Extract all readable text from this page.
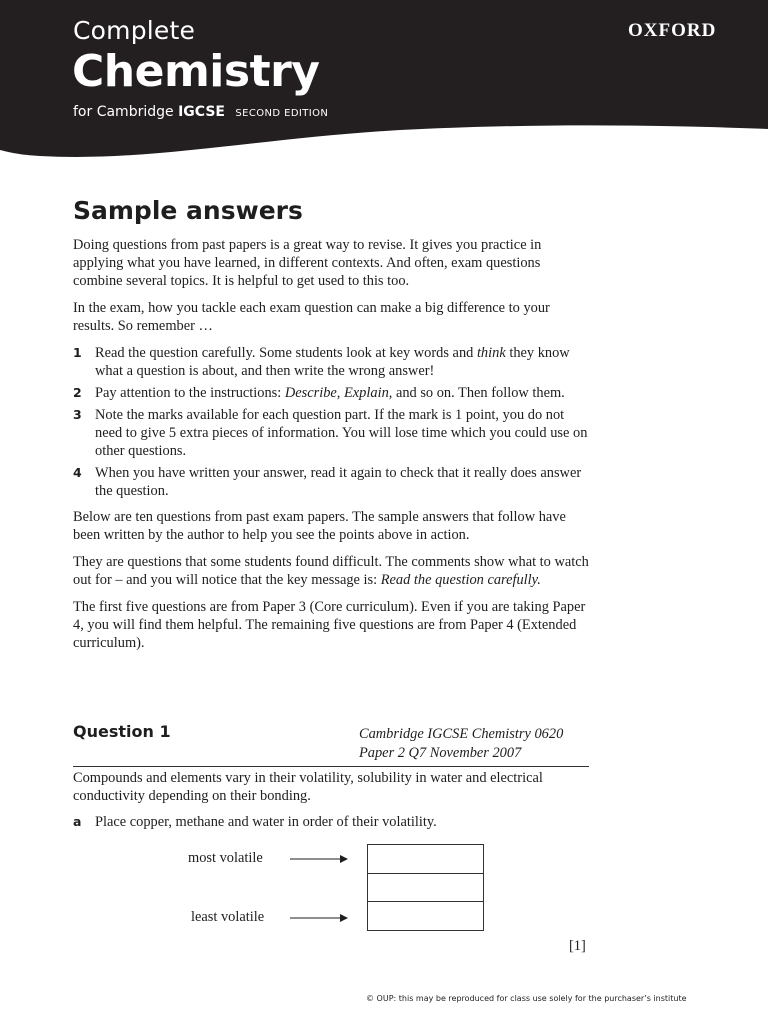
Complete

Chemistry

for Cambridge IGCSE SECOND EDITION

OXFORD

Sample answers

Doing questions from past papers is a great way to revise. It gives you practice in applying what you have learned, in different contexts. And often, exam questions combine several topics. It is helpful to get used to this too.

In the exam, how you tackle each exam question can make a big difference to your results. So remember …

1 Read the question carefully. Some students look at key words and think they know what a question is about, and then write the wrong answer!
2 Pay attention to the instructions: Describe, Explain, and so on. Then follow them.
3 Note the marks available for each question part. If the mark is 1 point, you do not need to give 5 extra pieces of information. You will lose time which you could use on other questions.
4 When you have written your answer, read it again to check that it really does answer the question.

Below are ten questions from past exam papers. The sample answers that follow have been written by the author to help you see the points above in action.

They are questions that some students found difficult. The comments show what to watch out for – and you will notice that the key message is: Read the question carefully.

The first five questions are from Paper 3 (Core curriculum). Even if you are taking Paper 4, you will find them helpful. The remaining five questions are from Paper 4 (Extended curriculum).

Question 1	Cambridge IGCSE Chemistry 0620
Paper 2 Q7 November 2007

Compounds and elements vary in their volatility, solubility in water and electrical conductivity depending on their bonding.

a Place copper, methane and water in order of their volatility.
most volatile
least volatile
[1]
© OUP: this may be reproduced for class use solely for the purchaser’s institute
